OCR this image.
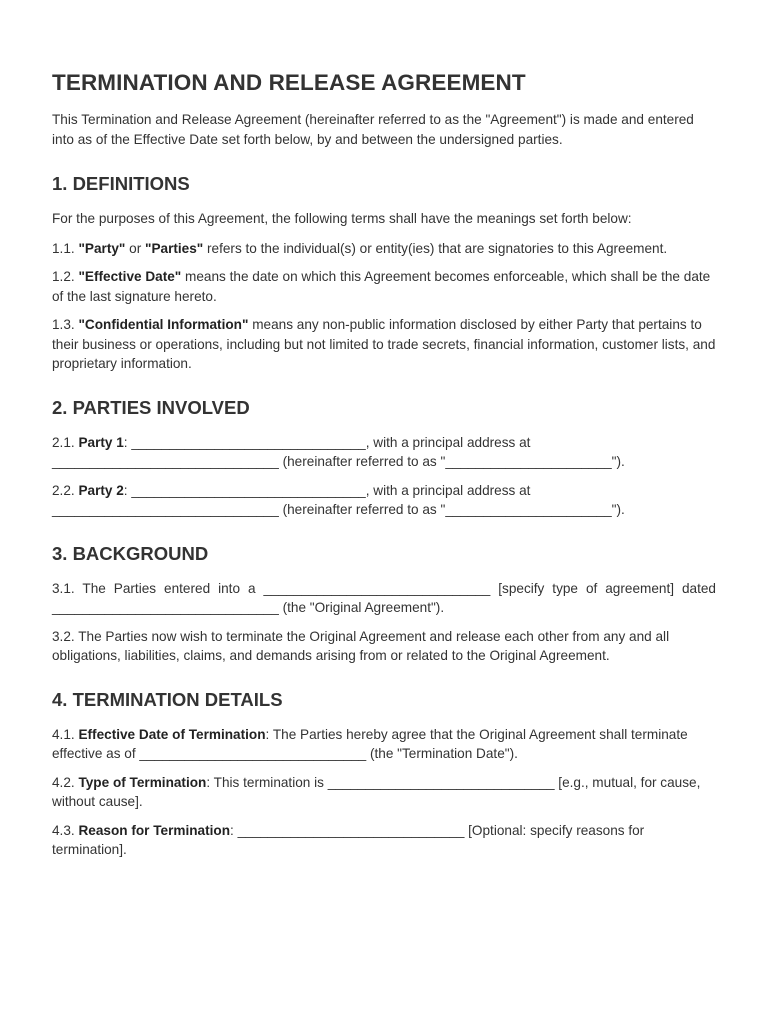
TERMINATION AND RELEASE AGREEMENT

This Termination and Release Agreement (hereinafter referred to as the "Agreement") is made and entered into as of the Effective Date set forth below, by and between the undersigned parties.

1. DEFINITIONS

For the purposes of this Agreement, the following terms shall have the meanings set forth below:

1.1. "Party" or "Parties" refers to the individual(s) or entity(ies) that are signatories to this Agreement.

1.2. "Effective Date" means the date on which this Agreement becomes enforceable, which shall be the date of the last signature hereto.

1.3. "Confidential Information" means any non-public information disclosed by either Party that pertains to their business or operations, including but not limited to trade secrets, financial information, customer lists, and proprietary information.

2. PARTIES INVOLVED

2.1. Party 1: _______________________________, with a principal address at ______________________________ (hereinafter referred to as "______________________").

2.2. Party 2: _______________________________, with a principal address at ______________________________ (hereinafter referred to as "______________________").

3. BACKGROUND

3.1. The Parties entered into a ______________________________ [specify type of agreement] dated ______________________________ (the "Original Agreement").

3.2. The Parties now wish to terminate the Original Agreement and release each other from any and all obligations, liabilities, claims, and demands arising from or related to the Original Agreement.

4. TERMINATION DETAILS

4.1. Effective Date of Termination: The Parties hereby agree that the Original Agreement shall terminate effective as of ______________________________ (the "Termination Date").

4.2. Type of Termination: This termination is ______________________________ [e.g., mutual, for cause, without cause].

4.3. Reason for Termination: ______________________________ [Optional: specify reasons for termination].
